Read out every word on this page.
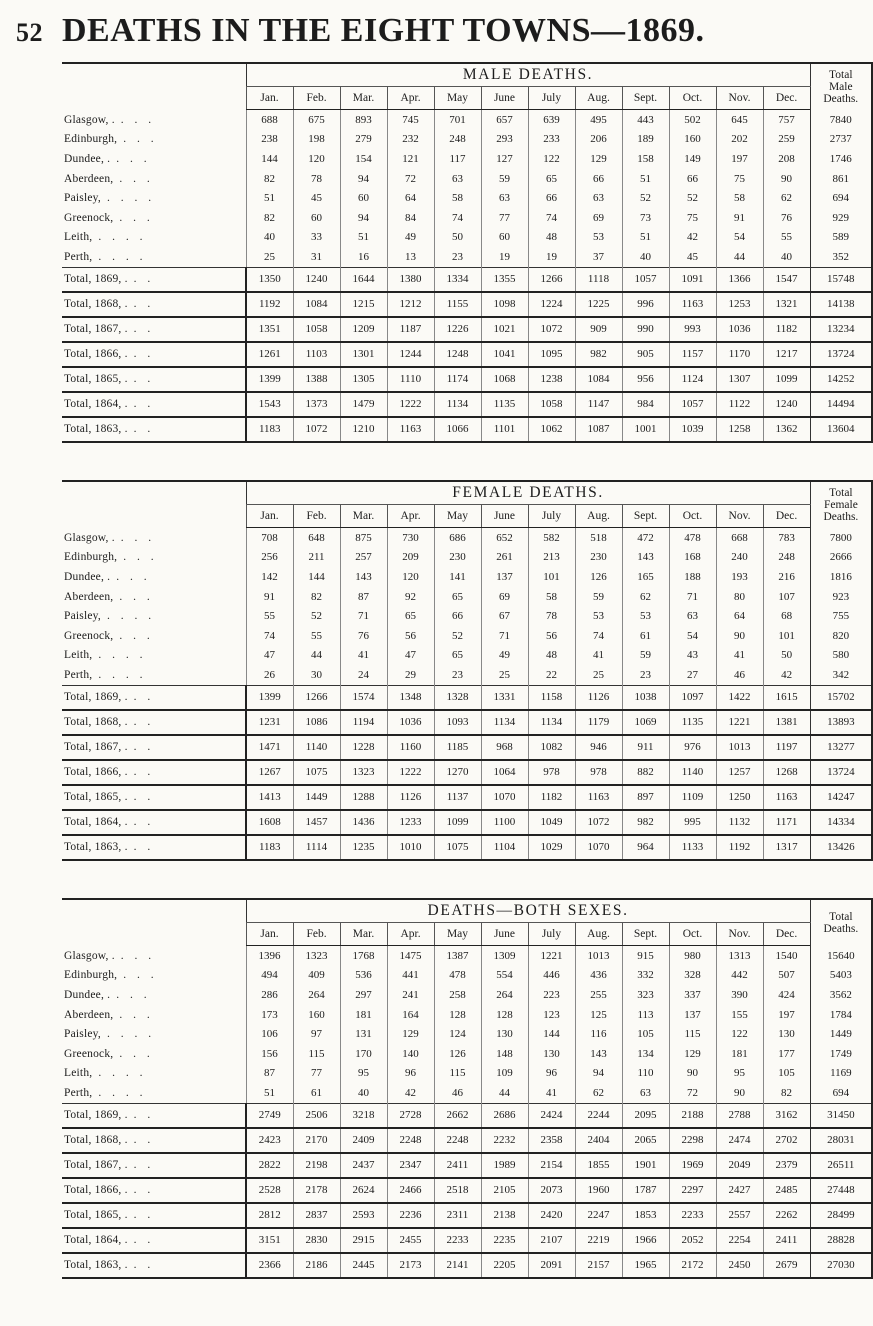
52 DEATHS IN THE EIGHT TOWNS—1869.
	MALE DEATHS.												Total
Male
Deaths.

	Jan.	Feb.	Mar.	Apr.	May	June	July	Aug.	Sept.	Oct.	Nov.	Dec.	
Glasgow, . . . .	688	675	893	745	701	657	639	495	443	502	645	757	7840
Edinburgh, . . .	238	198	279	232	248	293	233	206	189	160	202	259	2737
Dundee, . . . .	144	120	154	121	117	127	122	129	158	149	197	208	1746
Aberdeen, . . .	82	78	94	72	63	59	65	66	51	66	75	90	861
Paisley, . . . .	51	45	60	64	58	63	66	63	52	52	58	62	694
Greenock, . . .	82	60	94	84	74	77	74	69	73	75	91	76	929
Leith, . . . .	40	33	51	49	50	60	48	53	51	42	54	55	589
Perth, . . . .	25	31	16	13	23	19	19	37	40	45	44	40	352
Total, 1869, . . .	1350	1240	1644	1380	1334	1355	1266	1118	1057	1091	1366	1547	15748
Total, 1868, . . .	1192	1084	1215	1212	1155	1098	1224	1225	996	1163	1253	1321	14138
Total, 1867, . . .	1351	1058	1209	1187	1226	1021	1072	909	990	993	1036	1182	13234
Total, 1866, . . .	1261	1103	1301	1244	1248	1041	1095	982	905	1157	1170	1217	13724
Total, 1865, . . .	1399	1388	1305	1110	1174	1068	1238	1084	956	1124	1307	1099	14252
Total, 1864, . . .	1543	1373	1479	1222	1134	1135	1058	1147	984	1057	1122	1240	14494
Total, 1863, . . .	1183	1072	1210	1163	1066	1101	1062	1087	1001	1039	1258	1362	13604
	FEMALE DEATHS.												Total
Female
Deaths.

	Jan.	Feb.	Mar.	Apr.	May	June	July	Aug.	Sept.	Oct.	Nov.	Dec.	
Glasgow, . . . .	708	648	875	730	686	652	582	518	472	478	668	783	7800
Edinburgh, . . .	256	211	257	209	230	261	213	230	143	168	240	248	2666
Dundee, . . . .	142	144	143	120	141	137	101	126	165	188	193	216	1816
Aberdeen, . . .	91	82	87	92	65	69	58	59	62	71	80	107	923
Paisley, . . . .	55	52	71	65	66	67	78	53	53	63	64	68	755
Greenock, . . .	74	55	76	56	52	71	56	74	61	54	90	101	820
Leith, . . . .	47	44	41	47	65	49	48	41	59	43	41	50	580
Perth, . . . .	26	30	24	29	23	25	22	25	23	27	46	42	342
Total, 1869, . . .	1399	1266	1574	1348	1328	1331	1158	1126	1038	1097	1422	1615	15702
Total, 1868, . . .	1231	1086	1194	1036	1093	1134	1134	1179	1069	1135	1221	1381	13893
Total, 1867, . . .	1471	1140	1228	1160	1185	968	1082	946	911	976	1013	1197	13277
Total, 1866, . . .	1267	1075	1323	1222	1270	1064	978	978	882	1140	1257	1268	13724
Total, 1865, . . .	1413	1449	1288	1126	1137	1070	1182	1163	897	1109	1250	1163	14247
Total, 1864, . . .	1608	1457	1436	1233	1099	1100	1049	1072	982	995	1132	1171	14334
Total, 1863, . . .	1183	1114	1235	1010	1075	1104	1029	1070	964	1133	1192	1317	13426
	DEATHS—BOTH SEXES.												Total
Deaths.

	Jan.	Feb.	Mar.	Apr.	May	June	July	Aug.	Sept.	Oct.	Nov.	Dec.	
Glasgow, . . . .	1396	1323	1768	1475	1387	1309	1221	1013	915	980	1313	1540	15640
Edinburgh, . . .	494	409	536	441	478	554	446	436	332	328	442	507	5403
Dundee, . . . .	286	264	297	241	258	264	223	255	323	337	390	424	3562
Aberdeen, . . .	173	160	181	164	128	128	123	125	113	137	155	197	1784
Paisley, . . . .	106	97	131	129	124	130	144	116	105	115	122	130	1449
Greenock, . . .	156	115	170	140	126	148	130	143	134	129	181	177	1749
Leith, . . . .	87	77	95	96	115	109	96	94	110	90	95	105	1169
Perth, . . . .	51	61	40	42	46	44	41	62	63	72	90	82	694
Total, 1869, . . .	2749	2506	3218	2728	2662	2686	2424	2244	2095	2188	2788	3162	31450
Total, 1868, . . .	2423	2170	2409	2248	2248	2232	2358	2404	2065	2298	2474	2702	28031
Total, 1867, . . .	2822	2198	2437	2347	2411	1989	2154	1855	1901	1969	2049	2379	26511
Total, 1866, . . .	2528	2178	2624	2466	2518	2105	2073	1960	1787	2297	2427	2485	27448
Total, 1865, . . .	2812	2837	2593	2236	2311	2138	2420	2247	1853	2233	2557	2262	28499
Total, 1864, . . .	3151	2830	2915	2455	2233	2235	2107	2219	1966	2052	2254	2411	28828
Total, 1863, . . .	2366	2186	2445	2173	2141	2205	2091	2157	1965	2172	2450	2679	27030
